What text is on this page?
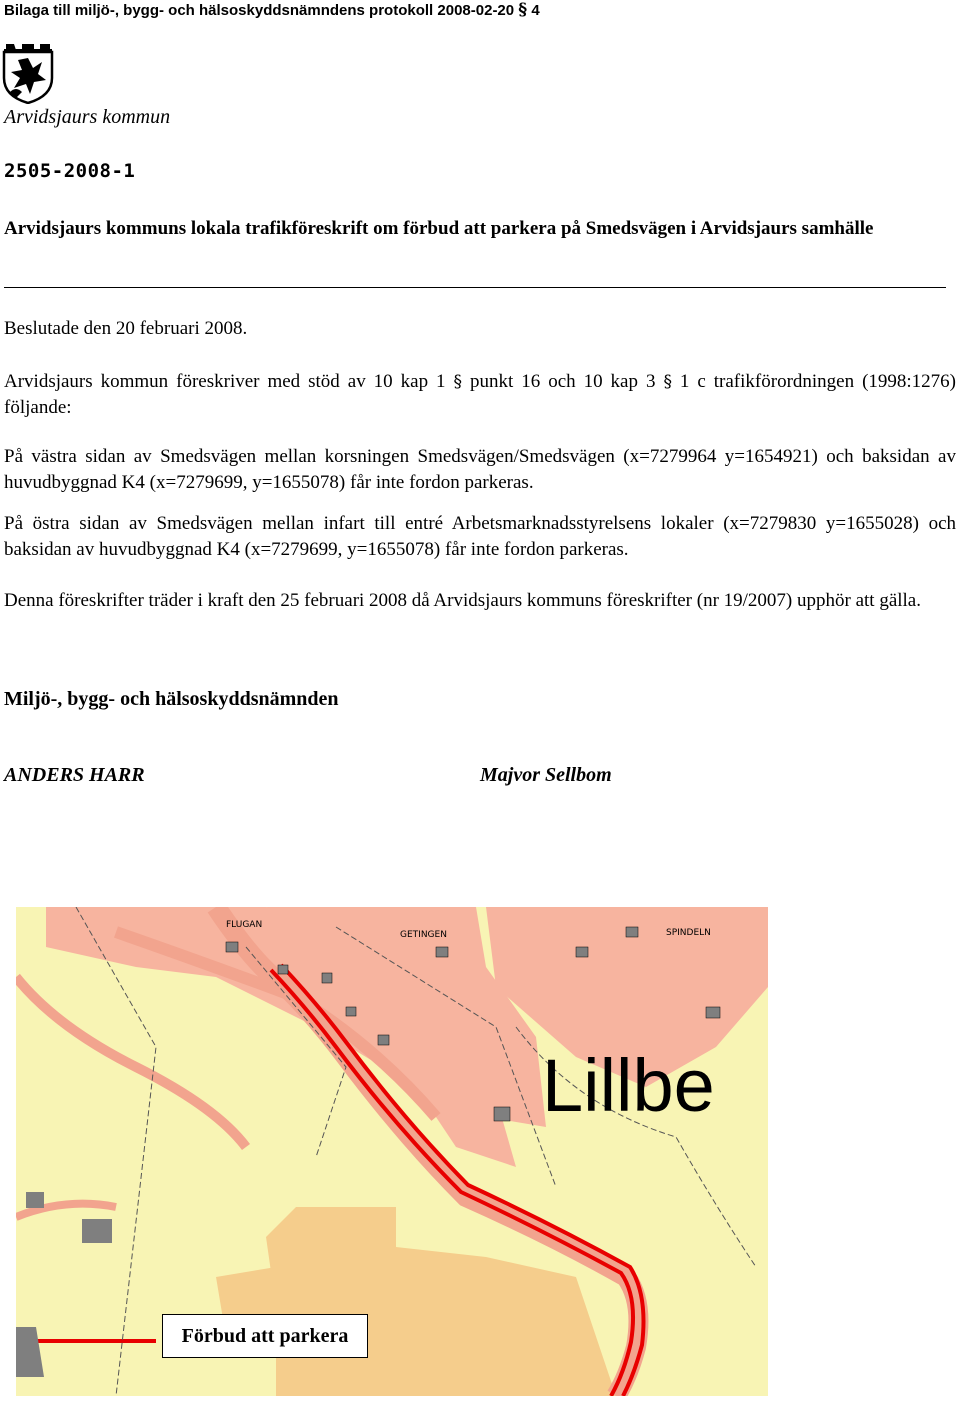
Bilaga till miljö-, bygg- och hälsoskyddsnämndens protokoll 2008-02-20 § 4
Arvidsjaurs kommun
2505-2008-1
Arvidsjaurs kommuns lokala trafikföreskrift om förbud att parkera på Smedsvägen i Arvidsjaurs samhälle
Beslutade den 20 februari 2008.
Arvidsjaurs kommun föreskriver med stöd av 10 kap 1 § punkt 16 och 10 kap 3 § 1 c trafikförordningen (1998:1276) följande:
På västra sidan av Smedsvägen mellan korsningen Smedsvägen/Smedsvägen (x=7279964 y=1654921) och baksidan av huvudbyggnad K4 (x=7279699, y=1655078) får inte fordon parkeras.
På östra sidan av Smedsvägen mellan infart till entré Arbetsmarknadsstyrelsens lokaler (x=7279830 y=1655028) och baksidan av huvudbyggnad K4 (x=7279699, y=1655078) får inte fordon parkeras.
Denna föreskrifter träder i kraft den 25 februari 2008 då Arvidsjaurs kommuns föreskrifter (nr 19/2007) upphör att gälla.
Miljö-, bygg- och hälsoskyddsnämnden
ANDERS HARR	Majvor Sellbom
FLUGAN
GETINGEN	SPINDELN
Lillbe
Förbud att parkera
